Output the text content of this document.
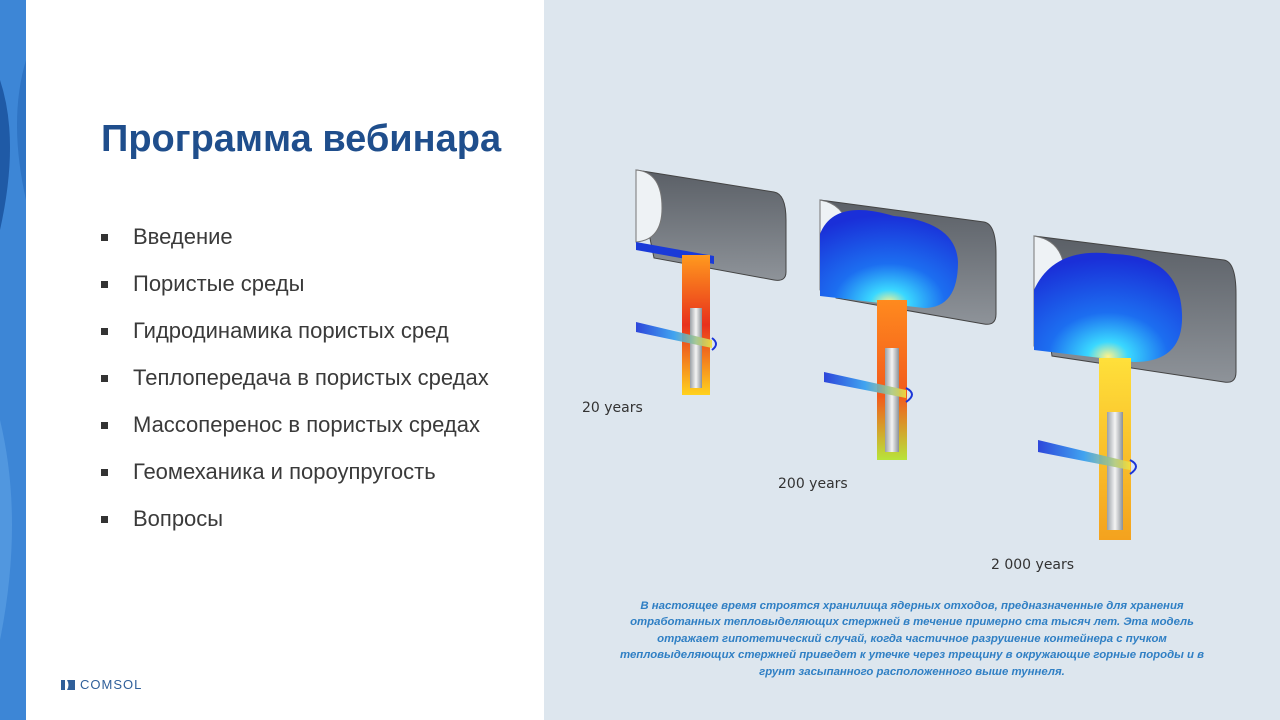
Программа вебинара
Введение
Пористые среды
Гидродинамика пористых сред
Теплопередача в пористых средах
Массоперенос в пористых средах
Геомеханика и пороупругость
Вопросы
COMSOL
20 years
200 years
2 000 years

В настоящее время строятся хранилища ядерных отходов, предназначенные для хранения отработанных тепловыделяющих стержней в течение примерно ста тысяч лет. Эта модель отражает гипотетический случай, когда частичное разрушение контейнера с пучком тепловыделяющих стержней приведет к утечке через трещину в окружающие горные породы и в грунт засыпанного расположенного выше туннеля.
